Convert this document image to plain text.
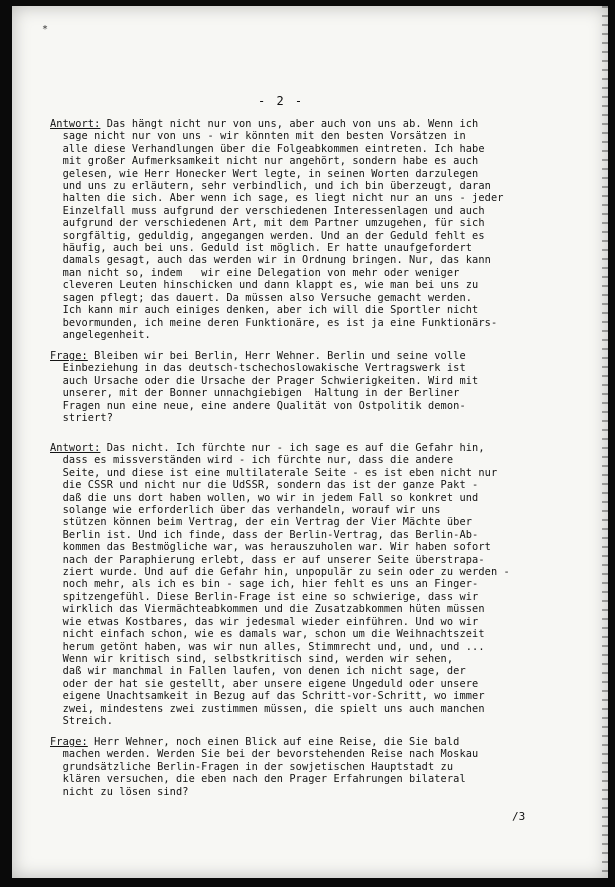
*
- 2 -
Antwort: Das hängt nicht nur von uns, aber auch von uns ab. Wenn ich
sage nicht nur von uns - wir könnten mit den besten Vorsätzen in
alle diese Verhandlungen über die Folgeabkommen eintreten. Ich habe
mit großer Aufmerksamkeit nicht nur angehört, sondern habe es auch
gelesen, wie Herr Honecker Wert legte, in seinen Worten darzulegen
und uns zu erläutern, sehr verbindlich, und ich bin überzeugt, daran
halten die sich. Aber wenn ich sage, es liegt nicht nur an uns - jeder
Einzelfall muss aufgrund der verschiedenen Interessenlagen und auch
aufgrund der verschiedenen Art, mit dem Partner umzugehen, für sich
sorgfältig, geduldig, angegangen werden. Und an der Geduld fehlt es
häufig, auch bei uns. Geduld ist möglich. Er hatte unaufgefordert
damals gesagt, auch das werden wir in Ordnung bringen. Nur, das kann
man nicht so, indem   wir eine Delegation von mehr oder weniger
cleveren Leuten hinschicken und dann klappt es, wie man bei uns zu
sagen pflegt; das dauert. Da müssen also Versuche gemacht werden.
Ich kann mir auch einiges denken, aber ich will die Sportler nicht
bevormunden, ich meine deren Funktionäre, es ist ja eine Funktionärs-
angelegenheit.
Frage: Bleiben wir bei Berlin, Herr Wehner. Berlin und seine volle
Einbeziehung in das deutsch-tschechoslowakische Vertragswerk ist
auch Ursache oder die Ursache der Prager Schwierigkeiten. Wird mit
unserer, mit der Bonner unnachgiebigen  Haltung in der Berliner
Fragen nun eine neue, eine andere Qualität von Ostpolitik demon-
striert?
Antwort: Das nicht. Ich fürchte nur - ich sage es auf die Gefahr hin,
dass es missverständen wird - ich fürchte nur, dass die andere
Seite, und diese ist eine multilaterale Seite - es ist eben nicht nur
die CSSR und nicht nur die UdSSR, sondern das ist der ganze Pakt -
daß die uns dort haben wollen, wo wir in jedem Fall so konkret und
solange wie erforderlich über das verhandeln, worauf wir uns
stützen können beim Vertrag, der ein Vertrag der Vier Mächte über
Berlin ist. Und ich finde, dass der Berlin-Vertrag, das Berlin-Ab-
kommen das Bestmögliche war, was herauszuholen war. Wir haben sofort
nach der Paraphierung erlebt, dass er auf unserer Seite überstrapa-
ziert wurde. Und auf die Gefahr hin, unpopulär zu sein oder zu werden -
noch mehr, als ich es bin - sage ich, hier fehlt es uns an Finger-
spitzengefühl. Diese Berlin-Frage ist eine so schwierige, dass wir
wirklich das Viermächteabkommen und die Zusatzabkommen hüten müssen
wie etwas Kostbares, das wir jedesmal wieder einführen. Und wo wir
nicht einfach schon, wie es damals war, schon um die Weihnachtszeit
herum getönt haben, was wir nun alles, Stimmrecht und, und, und ...
Wenn wir kritisch sind, selbstkritisch sind, werden wir sehen,
daß wir manchmal in Fallen laufen, von denen ich nicht sage, der
oder der hat sie gestellt, aber unsere eigene Ungeduld oder unsere
eigene Unachtsamkeit in Bezug auf das Schritt-vor-Schritt, wo immer
zwei, mindestens zwei zustimmen müssen, die spielt uns auch manchen
Streich.
Frage: Herr Wehner, noch einen Blick auf eine Reise, die Sie bald
machen werden. Werden Sie bei der bevorstehenden Reise nach Moskau
grundsätzliche Berlin-Fragen in der sowjetischen Hauptstadt zu
klären versuchen, die eben nach den Prager Erfahrungen bilateral
nicht zu lösen sind?
/3
